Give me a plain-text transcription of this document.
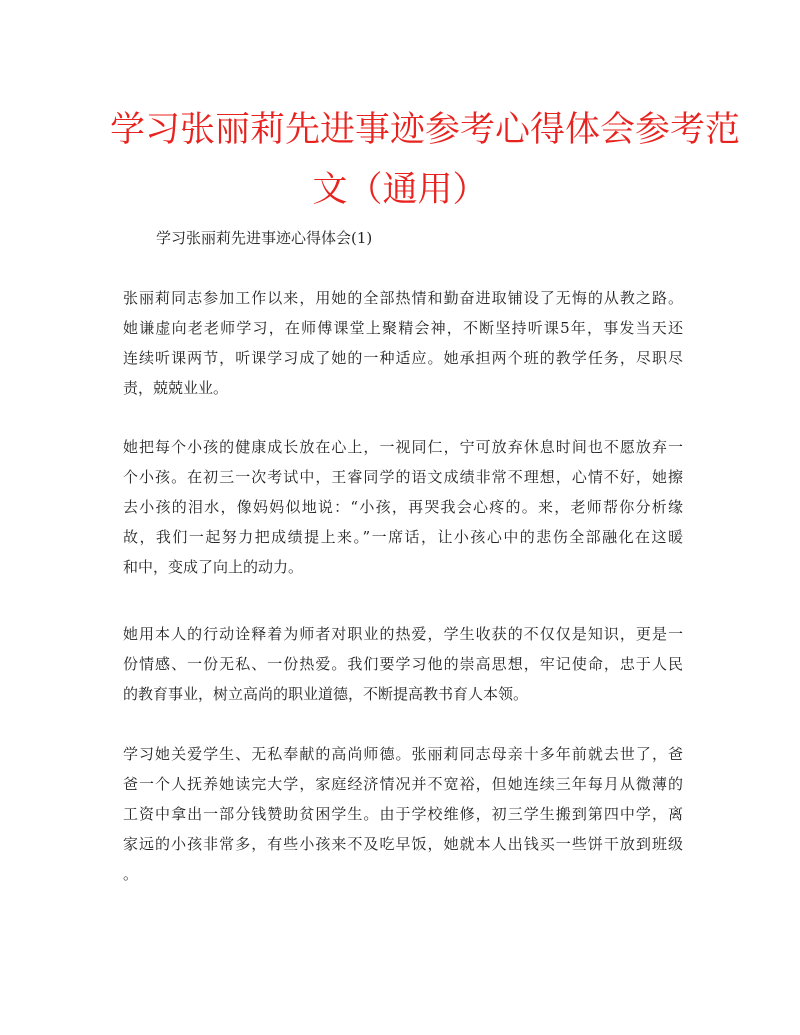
学习张丽莉先进事迹参考心得体会参考范
文（通用）

学习张丽莉先进事迹心得体会(1)

张丽莉同志参加工作以来，用她的全部热情和勤奋进取铺设了无悔的从教之路。
她谦虚向老老师学习，在师傅课堂上聚精会神，不断坚持听课5年，事发当天还
连续听课两节，听课学习成了她的一种适应。她承担两个班的教学任务，尽职尽
责，兢兢业业。
她把每个小孩的健康成长放在心上，一视同仁，宁可放弃休息时间也不愿放弃一
个小孩。在初三一次考试中，王睿同学的语文成绩非常不理想，心情不好，她擦
去小孩的泪水，像妈妈似地说：“小孩，再哭我会心疼的。来，老师帮你分析缘
故，我们一起努力把成绩提上来。”一席话，让小孩心中的悲伤全部融化在这暖
和中，变成了向上的动力。
她用本人的行动诠释着为师者对职业的热爱，学生收获的不仅仅是知识，更是一
份情感、一份无私、一份热爱。我们要学习他的崇高思想，牢记使命，忠于人民
的教育事业，树立高尚的职业道德，不断提高教书育人本领。
学习她关爱学生、无私奉献的高尚师德。张丽莉同志母亲十多年前就去世了，爸
爸一个人抚养她读完大学，家庭经济情况并不宽裕，但她连续三年每月从微薄的
工资中拿出一部分钱赞助贫困学生。由于学校维修，初三学生搬到第四中学，离
家远的小孩非常多，有些小孩来不及吃早饭，她就本人出钱买一些饼干放到班级
。
